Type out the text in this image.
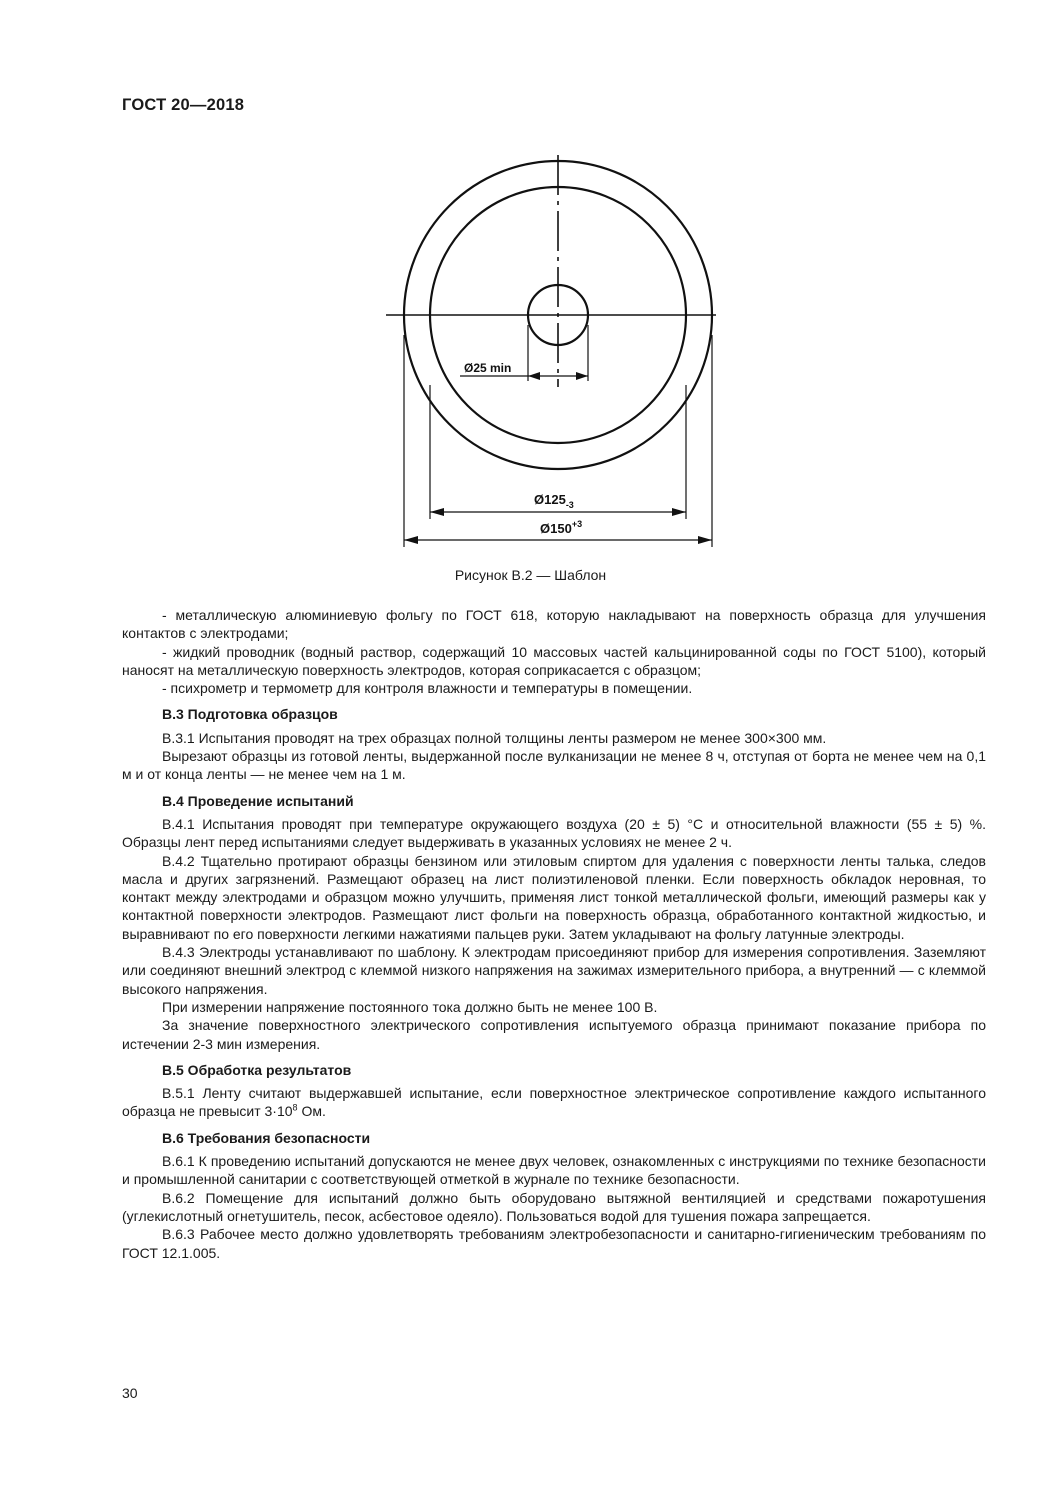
ГОСТ 20—2018
Ø25 min
$Ø125_{-3}$
$Ø150^{+3}$
Рисунок В.2 — Шаблон

- металлическую алюминиевую фольгу по ГОСТ 618, которую накладывают на поверхность образца для улучшения контактов с электродами;

- жидкий проводник (водный раствор, содержащий 10 массовых частей кальцинированной соды по ГОСТ 5100), который наносят на металлическую поверхность электродов, которая соприкасается с образцом;

- психрометр и термометр для контроля влажности и температуры в помещении.

В.3 Подготовка образцов

В.3.1 Испытания проводят на трех образцах полной толщины ленты размером не менее 300×300 мм.

Вырезают образцы из готовой ленты, выдержанной после вулканизации не менее 8 ч, отступая от борта не менее чем на 0,1 м и от конца ленты — не менее чем на 1 м.

В.4 Проведение испытаний

В.4.1 Испытания проводят при температуре окружающего воздуха (20 ± 5) °С и относительной влажности (55 ± 5) %. Образцы лент перед испытаниями следует выдерживать в указанных условиях не менее 2 ч.

В.4.2 Тщательно протирают образцы бензином или этиловым спиртом для удаления с поверхности ленты талька, следов масла и других загрязнений. Размещают образец на лист полиэтиленовой пленки. Если поверхность обкладок неровная, то контакт между электродами и образцом можно улучшить, применяя лист тонкой металлической фольги, имеющий размеры как у контактной поверхности электродов. Размещают лист фольги на поверхность образца, обработанного контактной жидкостью, и выравнивают по его поверхности легкими нажатиями пальцев руки. Затем укладывают на фольгу латунные электроды.

В.4.3 Электроды устанавливают по шаблону. К электродам присоединяют прибор для измерения сопротивления. Заземляют или соединяют внешний электрод с клеммой низкого напряжения на зажимах измерительного прибора, а внутренний — с клеммой высокого напряжения.

При измерении напряжение постоянного тока должно быть не менее 100 В.

За значение поверхностного электрического сопротивления испытуемого образца принимают показание прибора по истечении 2-3 мин измерения.

В.5 Обработка результатов

В.5.1 Ленту считают выдержавшей испытание, если поверхностное электрическое сопротивление каждого испытанного образца не превысит $3\cdot 10^8$ Ом.

В.6 Требования безопасности

В.6.1 К проведению испытаний допускаются не менее двух человек, ознакомленных с инструкциями по технике безопасности и промышленной санитарии с соответствующей отметкой в журнале по технике безопасности.

В.6.2 Помещение для испытаний должно быть оборудовано вытяжной вентиляцией и средствами пожаротушения (углекислотный огнетушитель, песок, асбестовое одеяло). Пользоваться водой для тушения пожара запрещается.

В.6.3 Рабочее место должно удовлетворять требованиям электробезопасности и санитарно-гигиеническим требованиям по ГОСТ 12.1.005.

30
